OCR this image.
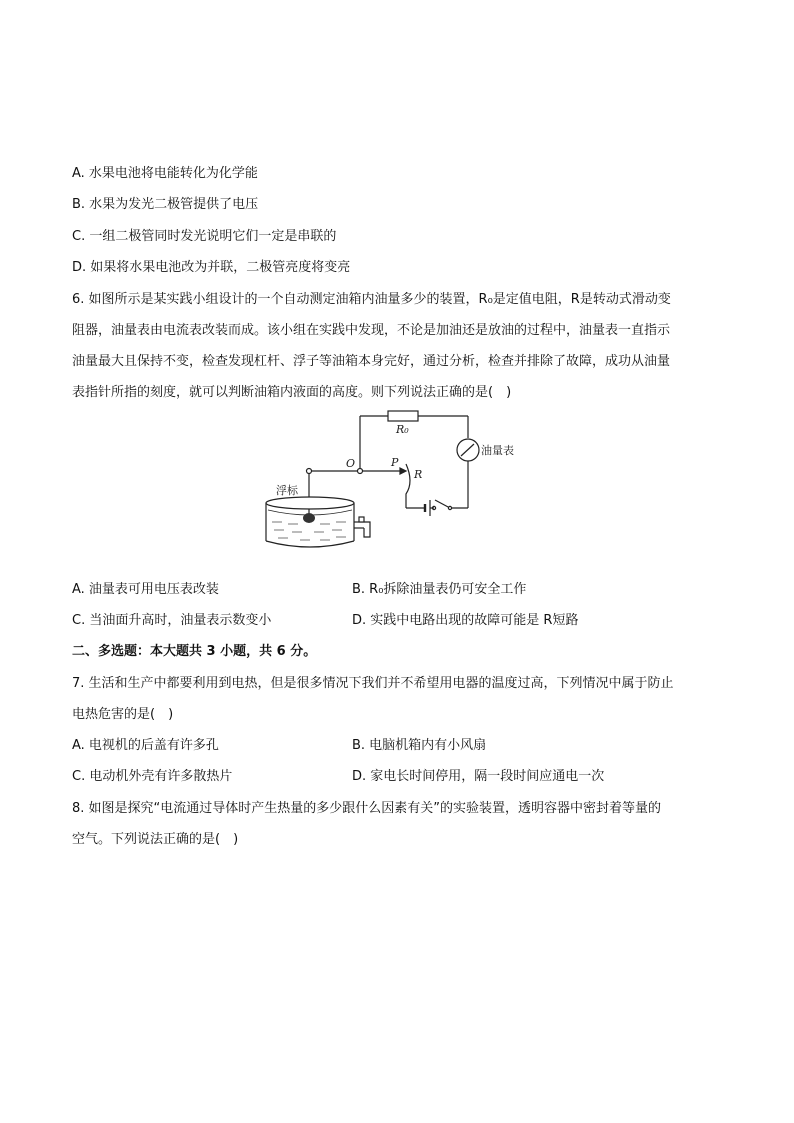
A. 水果电池将电能转化为化学能
B. 水果为发光二极管提供了电压
C. 一组二极管同时发光说明它们一定是串联的
D. 如果将水果电池改为并联，二极管亮度将变亮
6. 如图所示是某实践小组设计的一个自动测定油箱内油量多少的装置，R₀是定值电阻，R是转动式滑动变
阻器，油量表由电流表改装而成。该小组在实践中发现，不论是加油还是放油的过程中，油量表一直指示
油量最大且保持不变，检查发现杠杆、浮子等油箱本身完好，通过分析，检查并排除了故障，成功从油量
表指针所指的刻度，就可以判断油箱内液面的高度。则下列说法正确的是(　)
R₀
油量表
O	P
R
浮标
A. 油量表可用电压表改装	B. R₀拆除油量表仍可安全工作
C. 当油面升高时，油量表示数变小	D. 实践中电路出现的故障可能是 R短路
二、多选题：本大题共 3 小题，共 6 分。
7. 生活和生产中都要利用到电热，但是很多情况下我们并不希望用电器的温度过高，下列情况中属于防止
电热危害的是(　)
A. 电视机的后盖有许多孔	B. 电脑机箱内有小风扇
C. 电动机外壳有许多散热片	D. 家电长时间停用，隔一段时间应通电一次
8. 如图是探究“电流通过导体时产生热量的多少跟什么因素有关”的实验装置，透明容器中密封着等量的
空气。下列说法正确的是(　)
